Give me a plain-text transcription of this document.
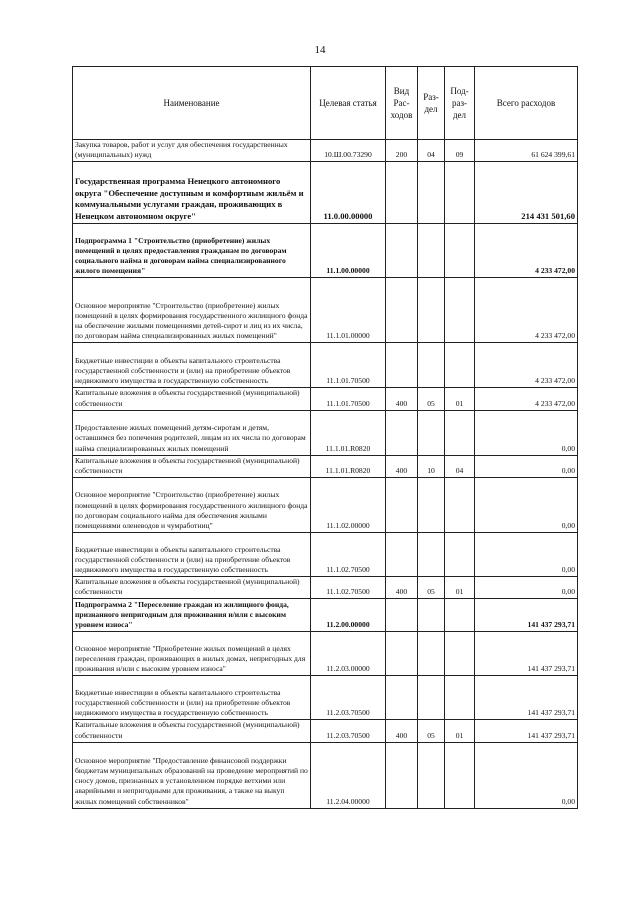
14
Наименование	Целевая статья	Вид Рас- ходов	Раз- дел	Под- раз- дел	Всего расходов
Закупка товаров, работ и услуг для обеспечения государственных (муниципальных) нужд	10.Ш.00.73290	200	04	09	61 624 399,61
Государственная программа Ненецкого автономного округа "Обеспечение доступным и комфортным жильём и коммунальными услугами граждан, проживающих в Ненецком автономном округе"	11.0.00.00000				214 431 501,60
Подпрограмма 1 "Строительство (приобретение) жилых помещений в целях предоставления гражданам по договорам социального найма и договорам найма специализированного жилого помещения"	11.1.00.00000				4 233 472,00
Основное мероприятие "Строительство (приобретение) жилых помещений в целях формирования государственного жилищного фонда на обеспечение жилыми помещениями детей-сирот и лиц из их числа, по договорам найма специализированных жилых помещений"	11.1.01.00000				4 233 472,00
Бюджетные инвестиции в объекты капитального строительства государственной собственности и (или) на приобретение объектов недвижимого имущества в государственную собственность	11.1.01.70500				4 233 472,00
Капитальные вложения в объекты государственной (муниципальной) собственности	11.1.01.70500	400	05	01	4 233 472,00
Предоставление жилых помещений детям-сиротам и детям, оставшимся без попечения родителей, лицам из их числа по договорам найма специализированных жилых помещений	11.1.01.R0820				0,00
Капитальные вложения в объекты государственной (муниципальной) собственности	11.1.01.R0820	400	10	04	0,00
Основное мероприятие "Строительство (приобретение) жилых помещений в целях формирования государственного жилищного фонда по договорам социального найма для обеспечения жилыми помещениями оленеводов и чумработниц"	11.1.02.00000				0,00
Бюджетные инвестиции в объекты капитального строительства государственной собственности и (или) на приобретение объектов недвижимого имущества в государственную собственность	11.1.02.70500				0,00
Капитальные вложения в объекты государственной (муниципальной) собственности	11.1.02.70500	400	05	01	0,00
Подпрограмма 2 "Переселение граждан из жилищного фонда, признанного непригодным для проживания и/или с высоким уровнем износа"	11.2.00.00000				141 437 293,71
Основное мероприятие "Приобретение жилых помещений в целях переселения граждан, проживающих в жилых домах, непригодных для проживания и/или с высоким уровнем износа"	11.2.03.00000				141 437 293,71
Бюджетные инвестиции в объекты капитального строительства государственной собственности и (или) на приобретение объектов недвижимого имущества в государственную собственность	11.2.03.70500				141 437 293,71
Капитальные вложения в объекты государственной (муниципальной) собственности	11.2.03.70500	400	05	01	141 437 293,71
Основное мероприятие "Предоставление финансовой поддержки бюджетам муниципальных образований на проведение мероприятий по сносу домов, признанных в установленном порядке ветхими или аварийными и непригодными для проживания, а также на выкуп жилых помещений собственников"	11.2.04.00000				0,00
